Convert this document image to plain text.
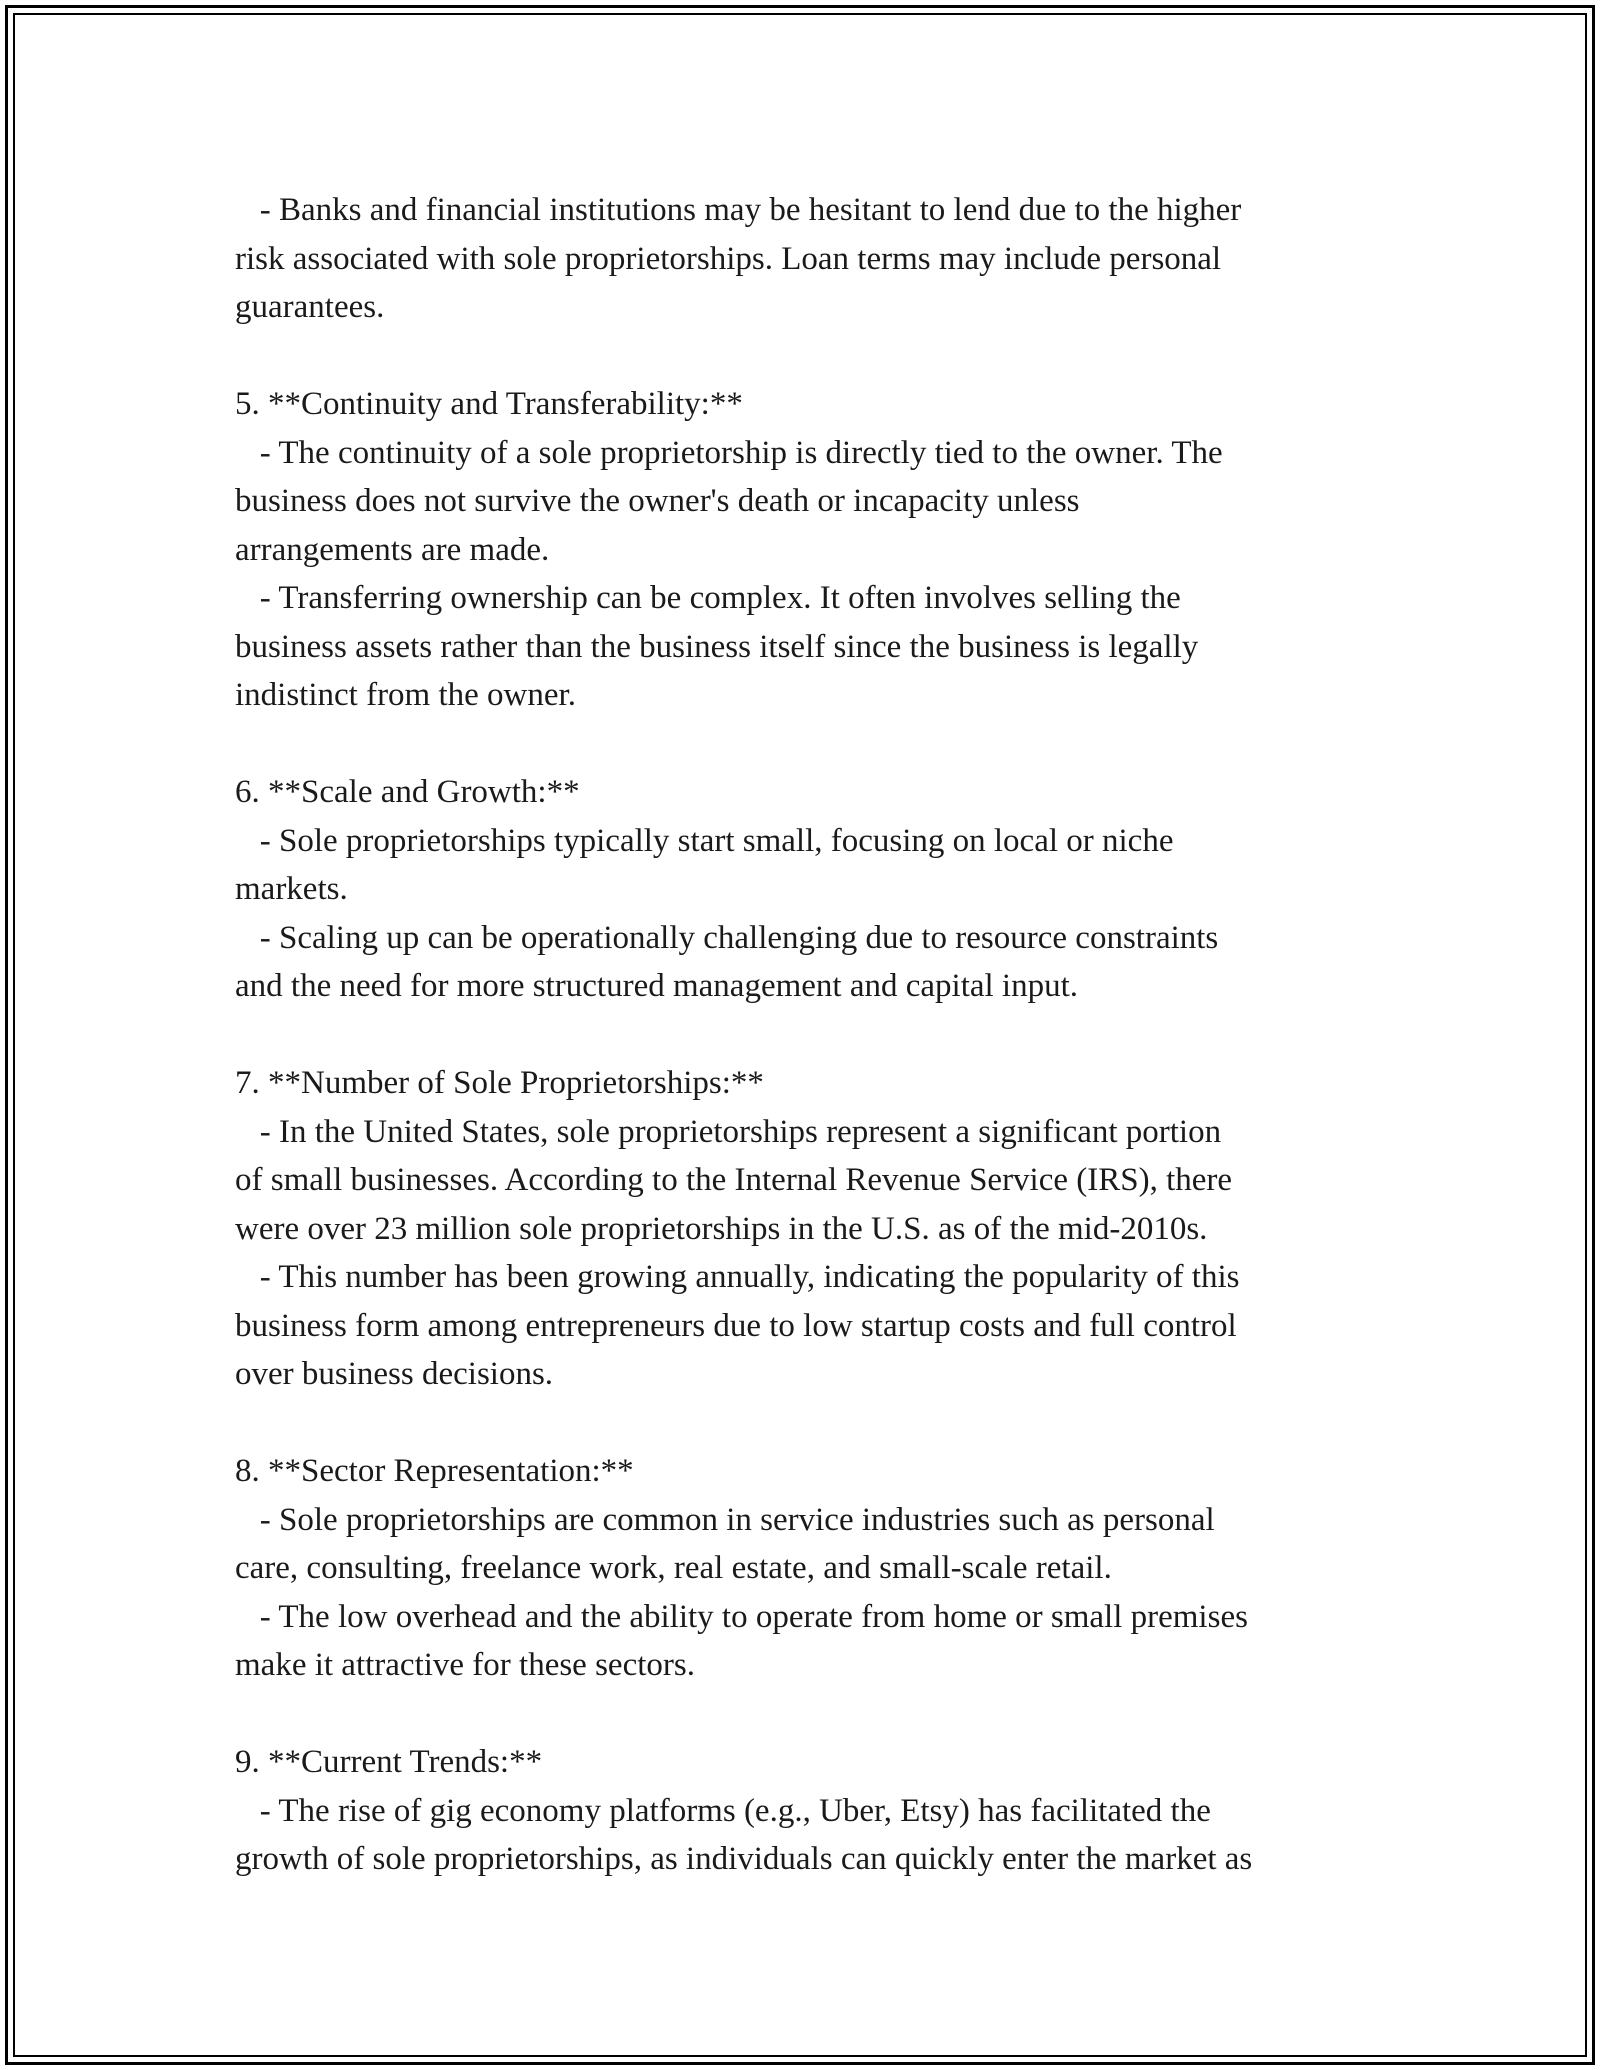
- Banks and financial institutions may be hesitant to lend due to the higher
risk associated with sole proprietorships. Loan terms may include personal
guarantees.
5. **Continuity and Transferability:**
- The continuity of a sole proprietorship is directly tied to the owner. The
business does not survive the owner's death or incapacity unless
arrangements are made.
- Transferring ownership can be complex. It often involves selling the
business assets rather than the business itself since the business is legally
indistinct from the owner.
6. **Scale and Growth:**
- Sole proprietorships typically start small, focusing on local or niche
markets.
- Scaling up can be operationally challenging due to resource constraints
and the need for more structured management and capital input.
7. **Number of Sole Proprietorships:**
- In the United States, sole proprietorships represent a significant portion
of small businesses. According to the Internal Revenue Service (IRS), there
were over 23 million sole proprietorships in the U.S. as of the mid-2010s.
- This number has been growing annually, indicating the popularity of this
business form among entrepreneurs due to low startup costs and full control
over business decisions.
8. **Sector Representation:**
- Sole proprietorships are common in service industries such as personal
care, consulting, freelance work, real estate, and small-scale retail.
- The low overhead and the ability to operate from home or small premises
make it attractive for these sectors.
9. **Current Trends:**
- The rise of gig economy platforms (e.g., Uber, Etsy) has facilitated the
growth of sole proprietorships, as individuals can quickly enter the market as
